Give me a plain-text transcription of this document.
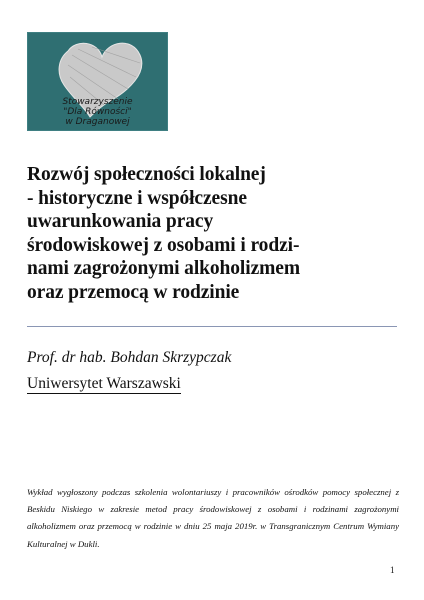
Stowarzyszenie
"Dla Równości"
w Draganowej
Rozwój społeczności lokalnej
- historyczne i współczesne
uwarunkowania pracy
środowiskowej z osobami i rodzi-
nami zagrożonymi alkoholizmem
oraz przemocą w rodzinie
Prof. dr hab. Bohdan Skrzypczak
Uniwersytet Warszawski
Wykład wygłoszony podczas szkolenia wolontariuszy i pracowników ośrodków pomocy społecznej z Beskidu Niskiego w zakresie metod pracy środowiskowej z osobami i rodzinami zagrożonymi alkoholizmem oraz przemocą w rodzinie w dniu 25 maja 2019r. w Transgranicznym Centrum Wymiany Kulturalnej w Dukli.
1
